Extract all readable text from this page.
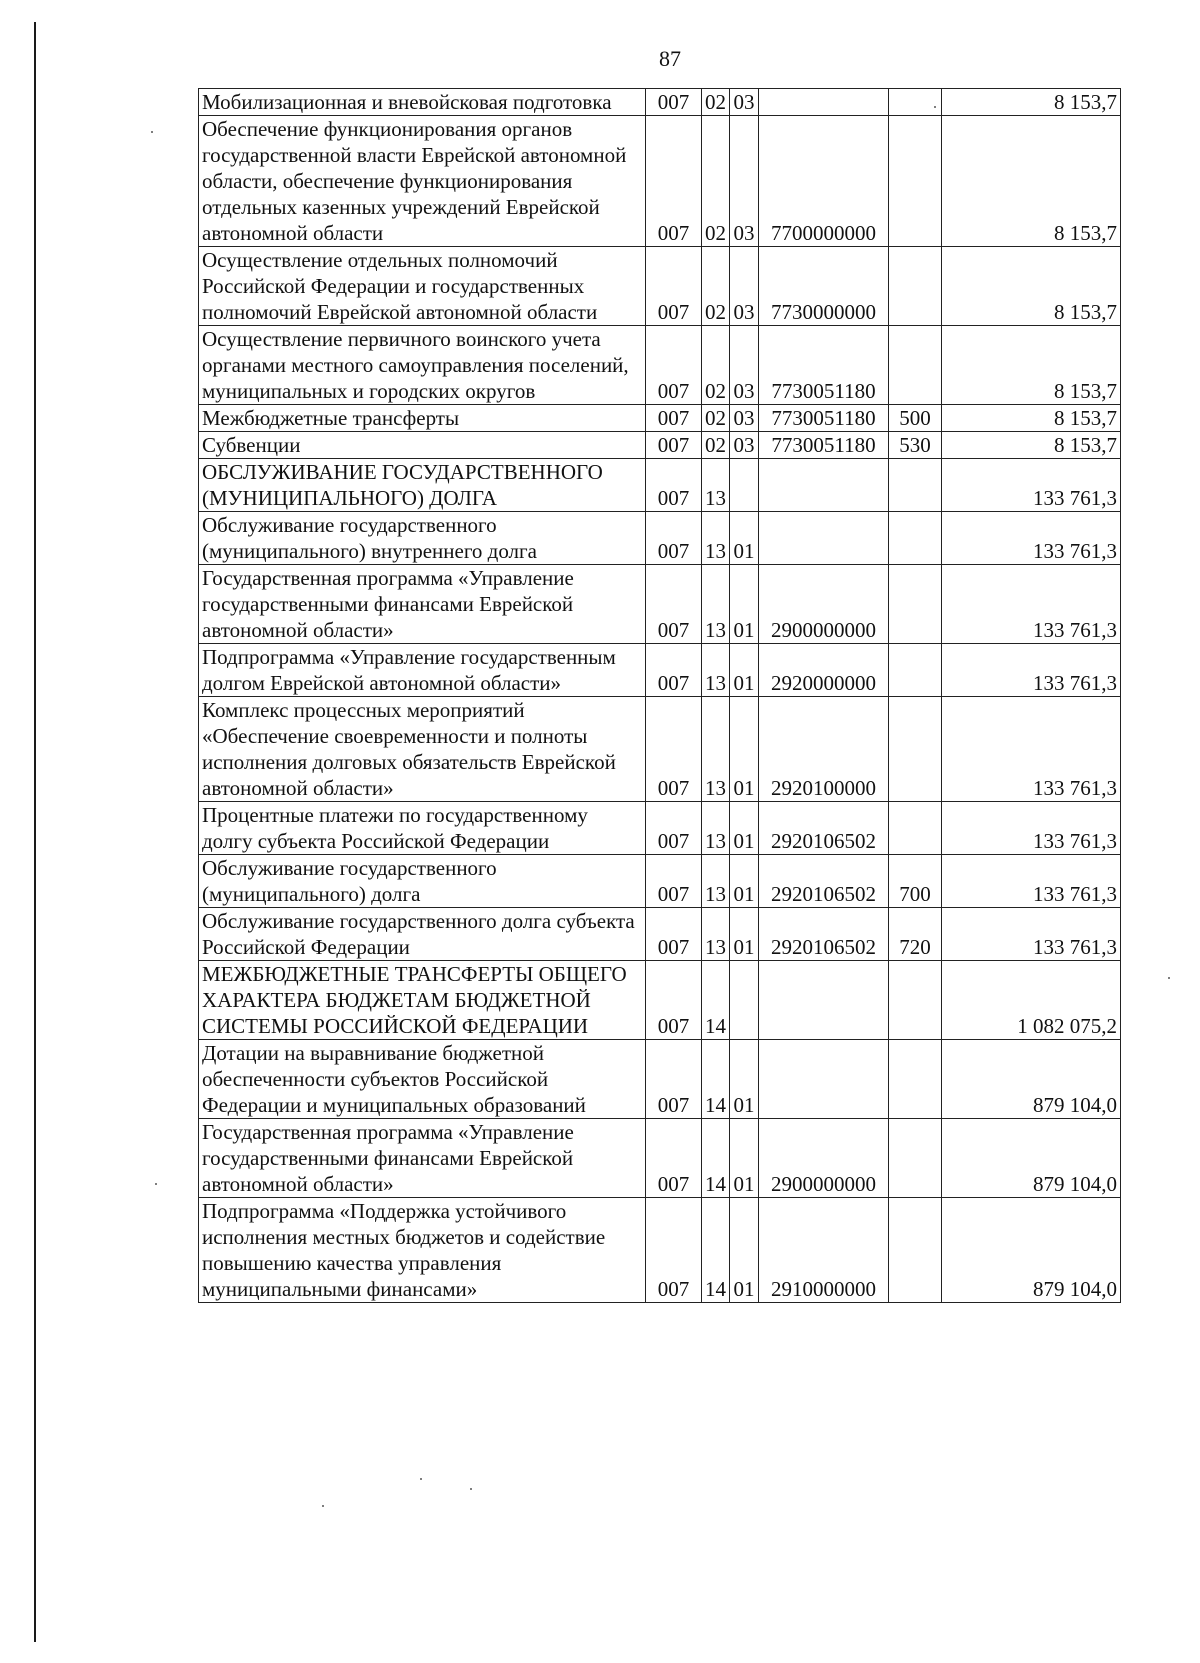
87
Мобилизационная и вневойсковая подготовка	007	02	03			8 153,7
Обеспечение функционирования органов государственной власти Еврейской автономной области, обеспечение функционирования отдельных казенных учреждений Еврейской автономной области	007	02	03	7700000000		8 153,7
Осуществление отдельных полномочий Российской Федерации и государственных полномочий Еврейской автономной области	007	02	03	7730000000		8 153,7
Осуществление первичного воинского учета органами местного самоуправления поселений, муниципальных и городских округов	007	02	03	7730051180		8 153,7
Межбюджетные трансферты	007	02	03	7730051180	500	8 153,7
Субвенции	007	02	03	7730051180	530	8 153,7
ОБСЛУЖИВАНИЕ ГОСУДАРСТВЕННОГО (МУНИЦИПАЛЬНОГО) ДОЛГА	007	13				133 761,3
Обслуживание государственного (муниципального) внутреннего долга	007	13	01			133 761,3
Государственная программа «Управление государственными финансами Еврейской автономной области»	007	13	01	2900000000		133 761,3
Подпрограмма «Управление государственным долгом Еврейской автономной области»	007	13	01	2920000000		133 761,3
Комплекс процессных мероприятий «Обеспечение своевременности и полноты исполнения долговых обязательств Еврейской автономной области»	007	13	01	2920100000		133 761,3
Процентные платежи по государственному долгу субъекта Российской Федерации	007	13	01	2920106502		133 761,3
Обслуживание государственного (муниципального) долга	007	13	01	2920106502	700	133 761,3
Обслуживание государственного долга субъекта Российской Федерации	007	13	01	2920106502	720	133 761,3
МЕЖБЮДЖЕТНЫЕ ТРАНСФЕРТЫ ОБЩЕГО ХАРАКТЕРА БЮДЖЕТАМ БЮДЖЕТНОЙ СИСТЕМЫ РОССИЙСКОЙ ФЕДЕРАЦИИ	007	14				1 082 075,2
Дотации на выравнивание бюджетной обеспеченности субъектов Российской Федерации и муниципальных образований	007	14	01			879 104,0
Государственная программа «Управление государственными финансами Еврейской автономной области»	007	14	01	2900000000		879 104,0
Подпрограмма «Поддержка устойчивого исполнения местных бюджетов и содействие повышению качества управления муниципальными финансами»	007	14	01	2910000000		879 104,0
